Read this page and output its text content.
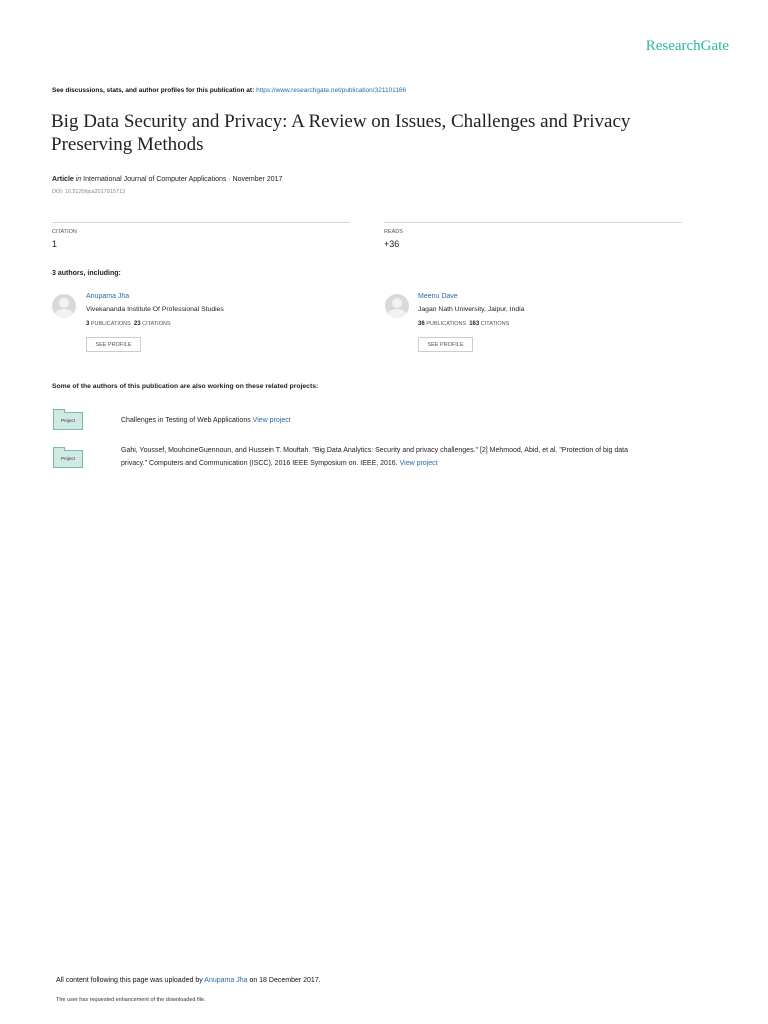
ResearchGate
See discussions, stats, and author profiles for this publication at: https://www.researchgate.net/publication/321101166
Big Data Security and Privacy: A Review on Issues, Challenges and Privacy
Preserving Methods
Article in International Journal of Computer Applications · November 2017
DOI: 10.5120/ijca2017915713
CITATION
1
READS
+36
3 authors, including:
Anupama Jha
Vivekananda Institute Of Professional Studies
3 PUBLICATIONS 23 CITATIONS
SEE PROFILE
Meenu Dave
Jagan Nath University, Jaipur, India
36 PUBLICATIONS 163 CITATIONS
SEE PROFILE
Some of the authors of this publication are also working on these related projects:
Project	Challenges in Testing of Web Applications View project
Project
Gahi, Youssef, MouhcineGuennoun, and Hussein T. Mouftah. "Big Data Analytics: Security and privacy challenges." [2] Mehmood, Abid, et al. "Protection of big data
privacy." Computers and Communication (ISCC), 2016 IEEE Symposium on. IEEE, 2016. View project
All content following this page was uploaded by Anupama Jha on 18 December 2017.
The user has requested enhancement of the downloaded file.
